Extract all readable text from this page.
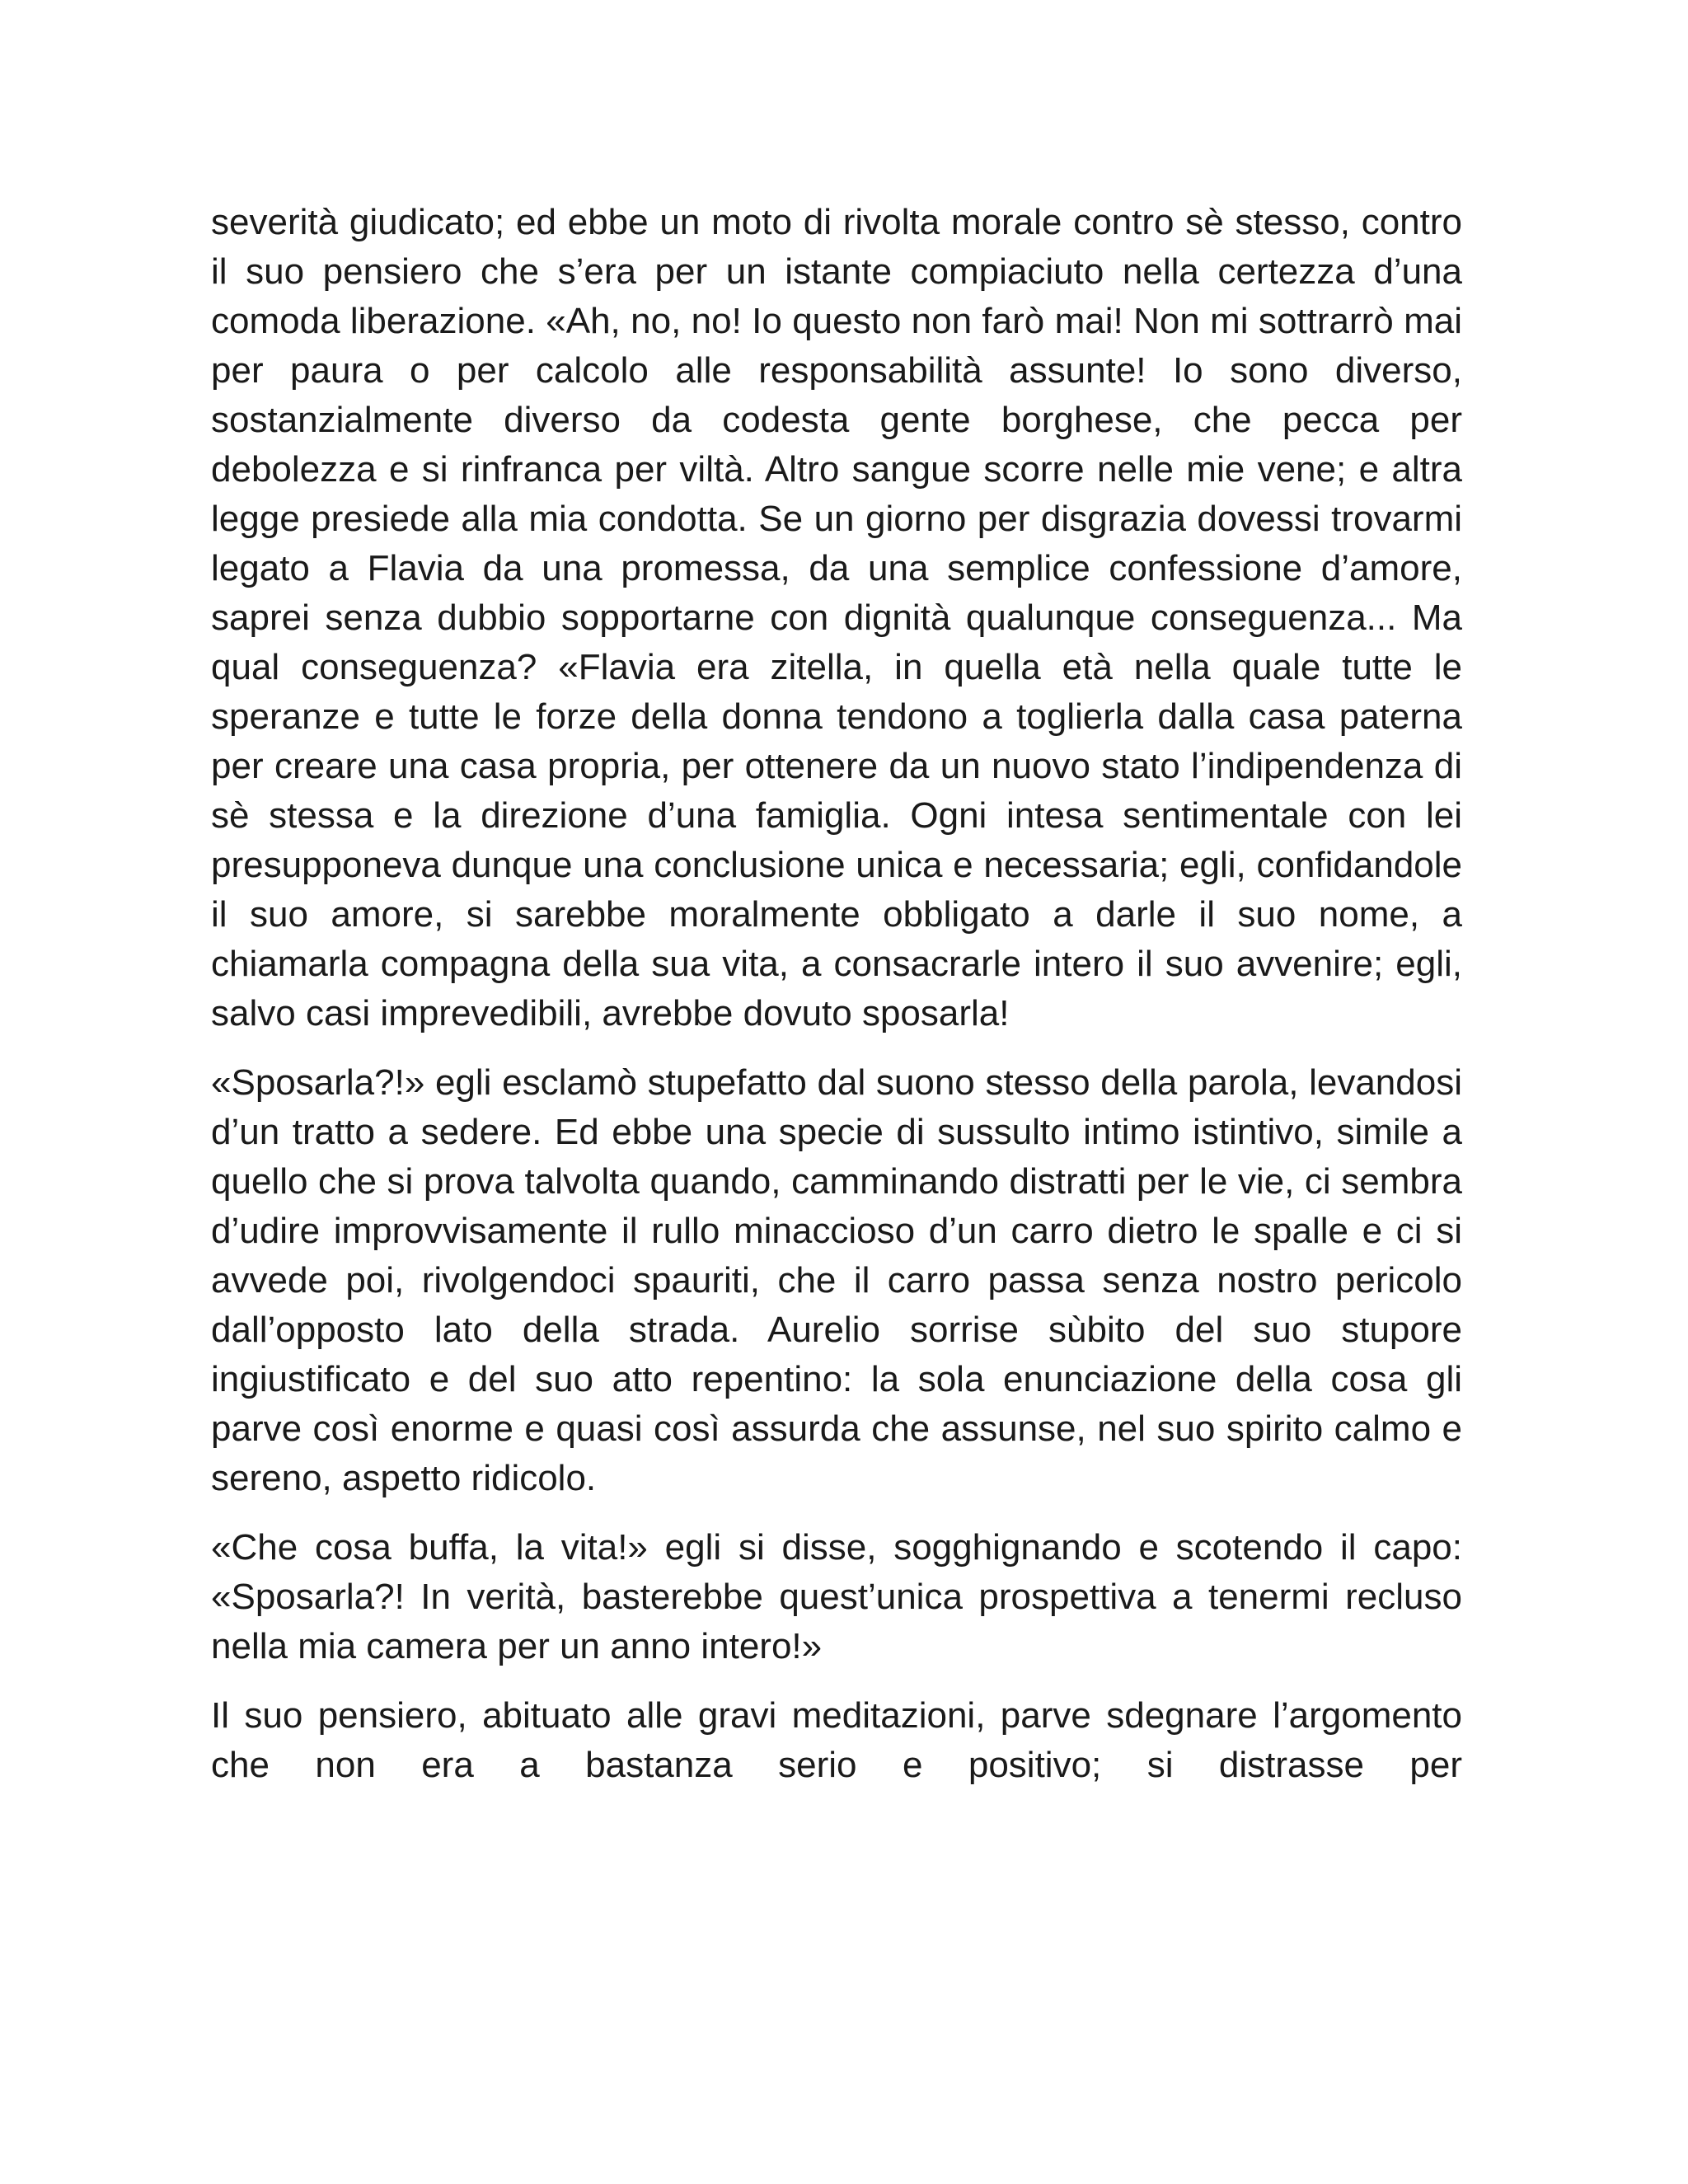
severità giudicato; ed ebbe un moto di rivolta morale contro sè stesso, contro il suo pensiero che s’era per un istante compiaciuto nella certezza d’una comoda liberazione. «Ah, no, no! Io questo non farò mai! Non mi sottrarrò mai per paura o per calcolo alle responsabilità assunte! Io sono diverso, sostanzialmente diverso da codesta gente borghese, che pecca per debolezza e si rinfranca per viltà. Altro sangue scorre nelle mie vene; e altra legge presiede alla mia condotta. Se un giorno per disgrazia dovessi trovarmi legato a Flavia da una promessa, da una semplice confessione d’amore, saprei senza dubbio sopportarne con dignità qualunque conseguenza... Ma qual conseguenza? «Flavia era zitella, in quella età nella quale tutte le speranze e tutte le forze della donna tendono a toglierla dalla casa paterna per creare una casa propria, per ottenere da un nuovo stato l’indipendenza di sè stessa e la direzione d’una famiglia. Ogni intesa sentimentale con lei presupponeva dunque una conclusione unica e necessaria; egli, confidandole il suo amore, si sarebbe moralmente obbligato a darle il suo nome, a chiamarla compagna della sua vita, a consacrarle intero il suo avvenire; egli, salvo casi imprevedibili, avrebbe dovuto sposarla!

«Sposarla?!» egli esclamò stupefatto dal suono stesso della parola, levandosi d’un tratto a sedere. Ed ebbe una specie di sussulto intimo istintivo, simile a quello che si prova talvolta quando, camminando distratti per le vie, ci sembra d’udire improvvisamente il rullo minaccioso d’un carro dietro le spalle e ci si avvede poi, rivolgendoci spauriti, che il carro passa senza nostro pericolo dall’opposto lato della strada. Aurelio sorrise sùbito del suo stupore ingiustificato e del suo atto repentino: la sola enunciazione della cosa gli parve così enorme e quasi così assurda che assunse, nel suo spirito calmo e sereno, aspetto ridicolo.

«Che cosa buffa, la vita!» egli si disse, sogghignando e scotendo il capo: «Sposarla?! In verità, basterebbe quest’unica prospettiva a tenermi recluso nella mia camera per un anno intero!»

Il suo pensiero, abituato alle gravi meditazioni, parve sdegnare l’argomento che non era a bastanza serio e positivo; si distrasse per
